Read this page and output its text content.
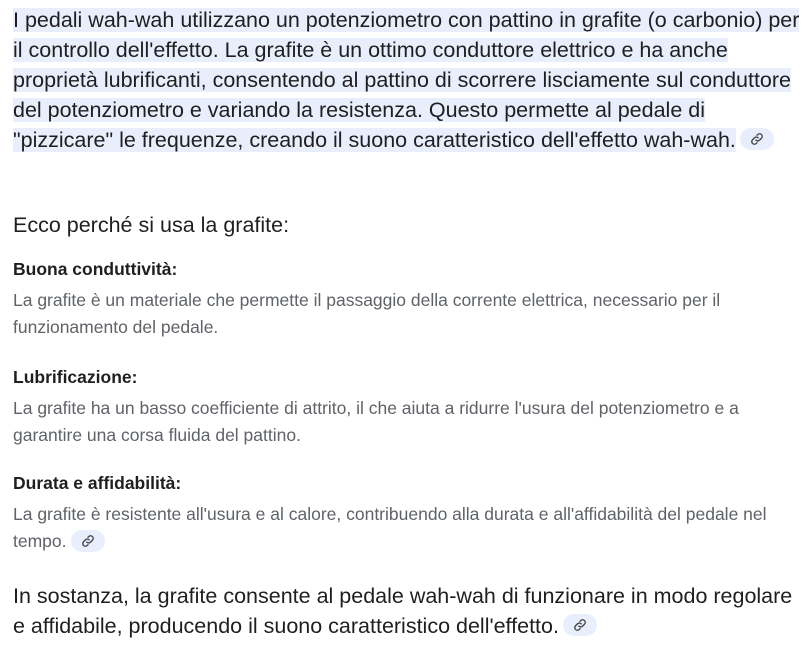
I pedali wah-wah utilizzano un potenziometro con pattino in grafite (o carbonio) per il controllo dell'effetto. La grafite è un ottimo conduttore elettrico e ha anche proprietà lubrificanti, consentendo al pattino di scorrere lisciamente sul conduttore del potenziometro e variando la resistenza. Questo permette al pedale di "pizzicare" le frequenze, creando il suono caratteristico dell'effetto wah-wah.

Ecco perché si usa la grafite:

Buona conduttività:

La grafite è un materiale che permette il passaggio della corrente elettrica, necessario per il funzionamento del pedale.

Lubrificazione:

La grafite ha un basso coefficiente di attrito, il che aiuta a ridurre l'usura del potenziometro e a garantire una corsa fluida del pattino.

Durata e affidabilità:

La grafite è resistente all'usura e al calore, contribuendo alla durata e all'affidabilità del pedale nel tempo.

In sostanza, la grafite consente al pedale wah-wah di funzionare in modo regolare e affidabile, producendo il suono caratteristico dell'effetto.
